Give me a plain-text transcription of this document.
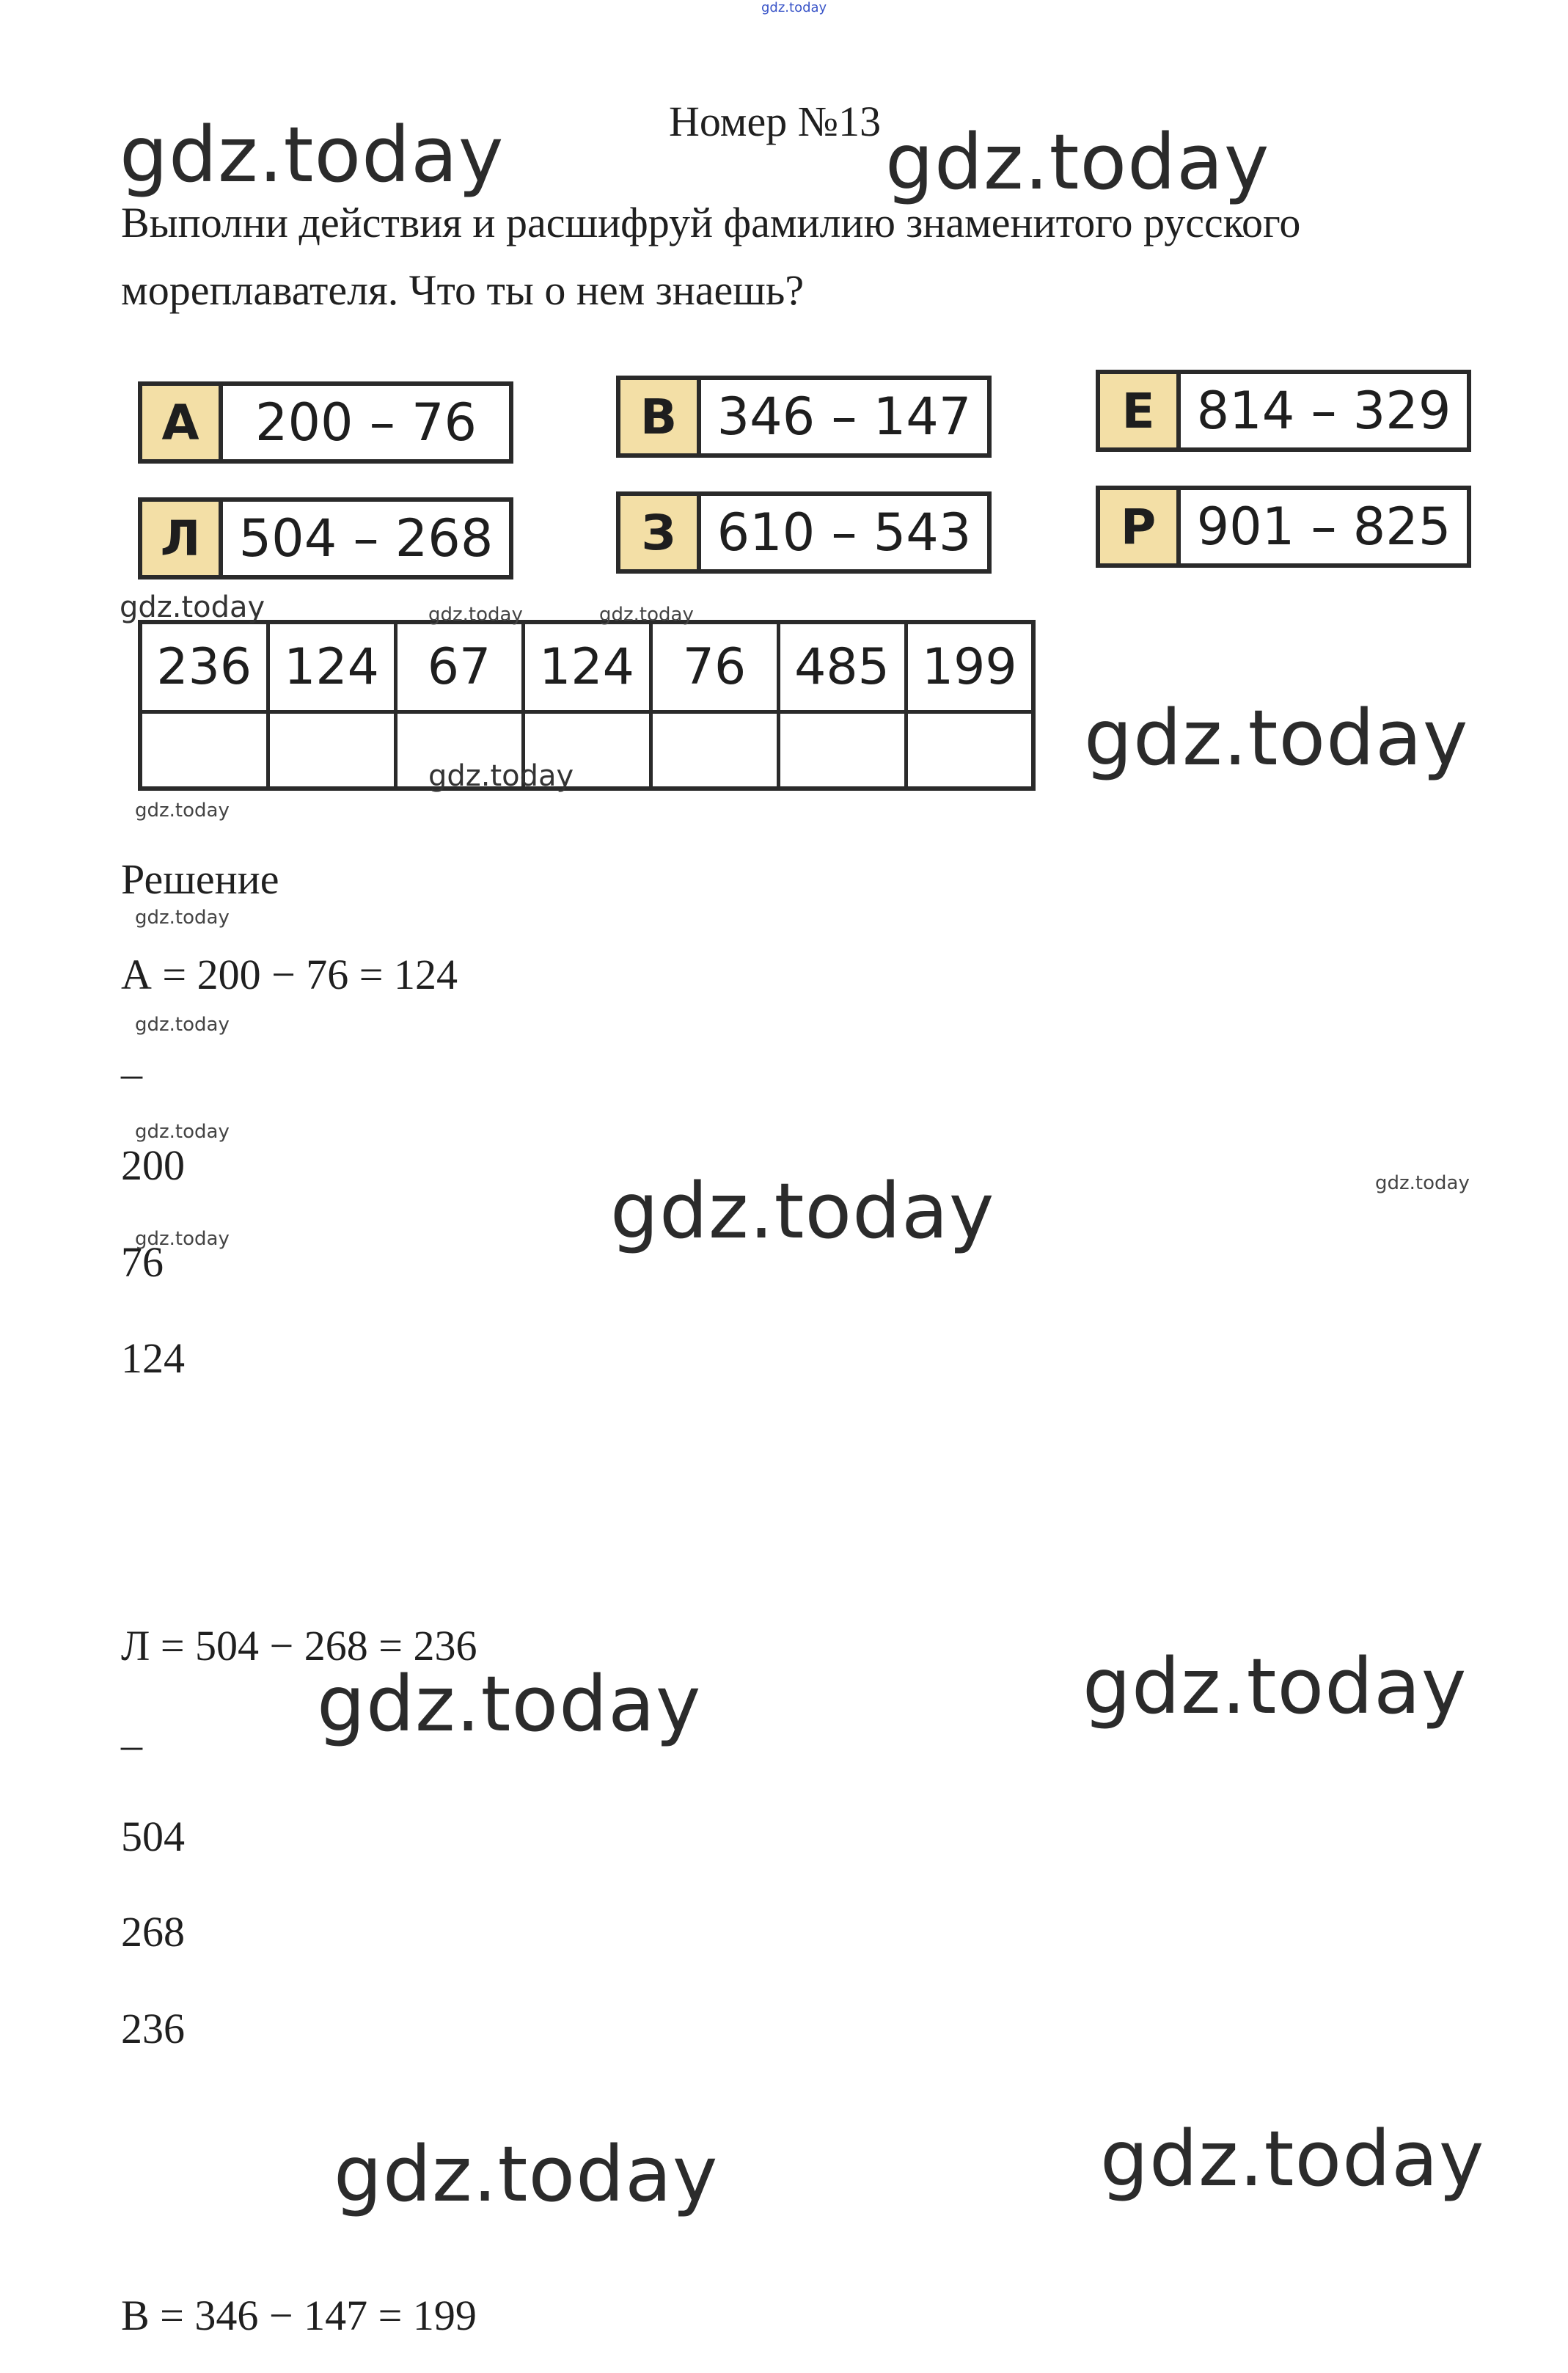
gdz.today
Номер №13
Выполни действия и расшифруй фамилию знаменитого русского
мореплавателя. Что ты о нем знаешь?
А	200 – 76	В 346 – 147	Е 814 – 329
Л 504 – 268	З 610 – 543	Р 901 – 825
236	124	67	124	76	485	199

Решение
А = 200 − 76 = 124
_
200
76
124
Л = 504 − 268 = 236
_
504
268
236
В = 346 − 147 = 199
gdz.today	gdz.today
gdz.today	gdz.today	gdz.today
gdz.today
gdz.today
gdz.today
gdz.today
gdz.today
gdz.today
gdz.today
gdz.today
gdz.today
gdz.today	gdz.today
gdz.today	gdz.today
